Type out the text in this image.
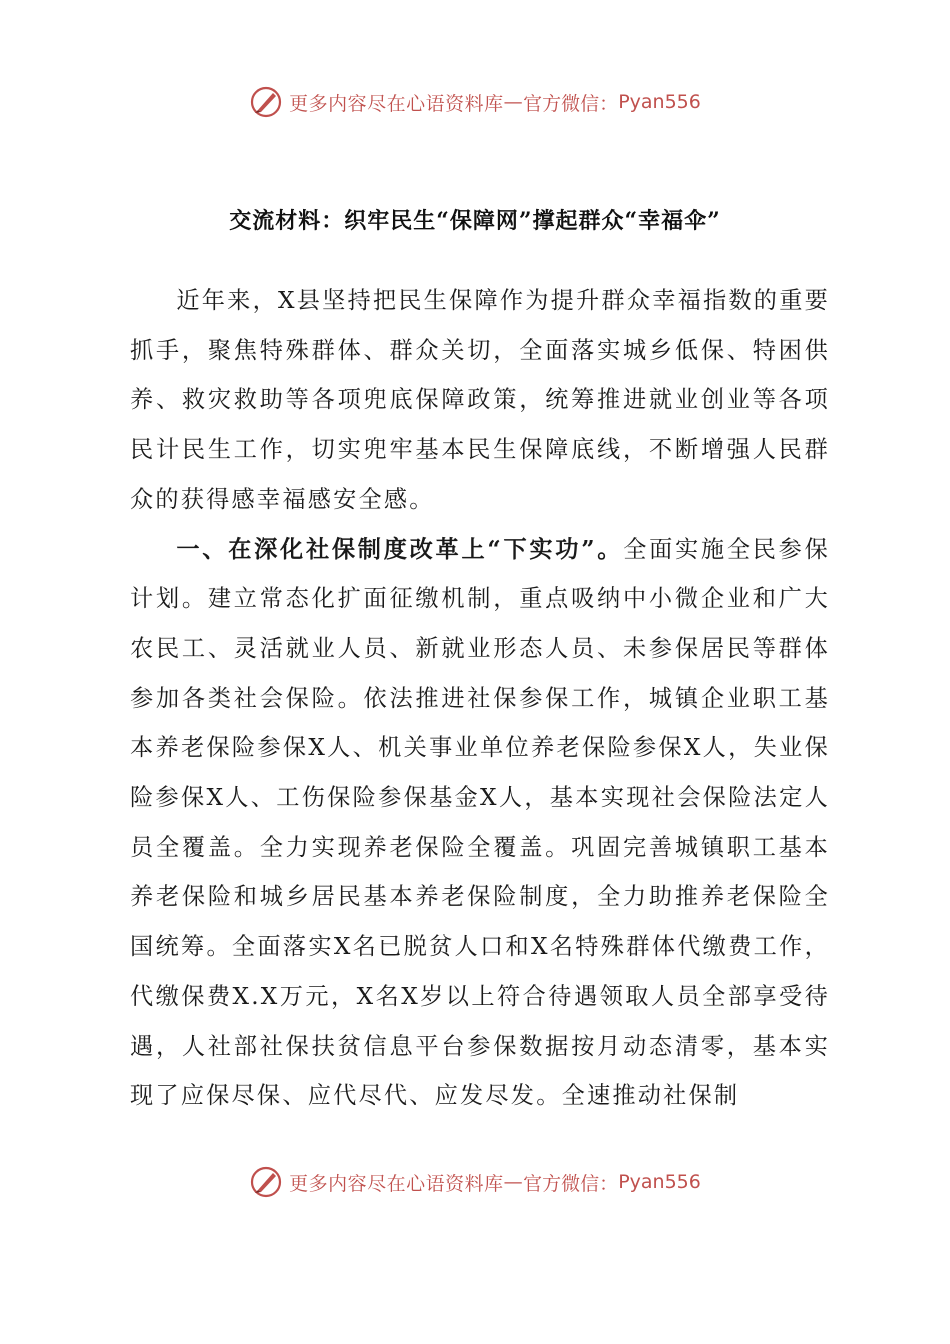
更多内容尽在心语资料库 — 官方微信： Pyan556
交流材料：织牢民生“保障网”撑起群众“幸福伞”

近年来，X县坚持把民生保障作为提升群众幸福指数的重要抓手，聚焦特殊群体、群众关切，全面落实城乡低保、特困供养、救灾救助等各项兜底保障政策，统筹推进就业创业等各项民计民生工作，切实兜牢基本民生保障底线，不断增强人民群众的获得感幸福感安全感。

一、在深化社保制度改革上“下实功”。全面实施全民参保计划。建立常态化扩面征缴机制，重点吸纳中小微企业和广大农民工、灵活就业人员、新就业形态人员、未参保居民等群体参加各类社会保险。依法推进社保参保工作，城镇企业职工基本养老保险参保X人、机关事业单位养老保险参保X人，失业保险参保X人、工伤保险参保基金X人，基本实现社会保险法定人员全覆盖。全力实现养老保险全覆盖。巩固完善城镇职工基本养老保险和城乡居民基本养老保险制度，全力助推养老保险全国统筹。全面落实X名已脱贫人口和X名特殊群体代缴费工作，代缴保费X.X万元，X名X岁以上符合待遇领取人员全部享受待遇，人社部社保扶贫信息平台参保数据按月动态清零，基本实现了应保尽保、应代尽代、应发尽发。全速推动社保制

更多内容尽在心语资料库 — 官方微信： Pyan556
